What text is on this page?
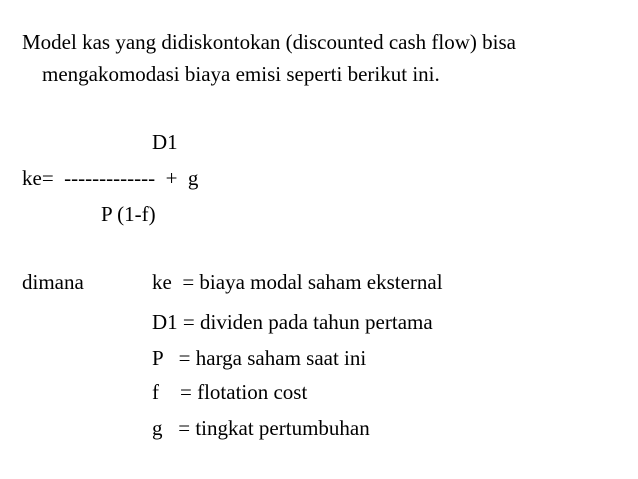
Model kas yang didiskontokan (discounted cash flow) bisa
mengakomodasi biaya emisi seperti berikut ini.
D1
ke=  -------------  +  g
P (1-f)
dimana	ke  = biaya modal saham eksternal
D1 = dividen pada tahun pertama
P   = harga saham saat ini
f    = flotation cost
g   = tingkat pertumbuhan
